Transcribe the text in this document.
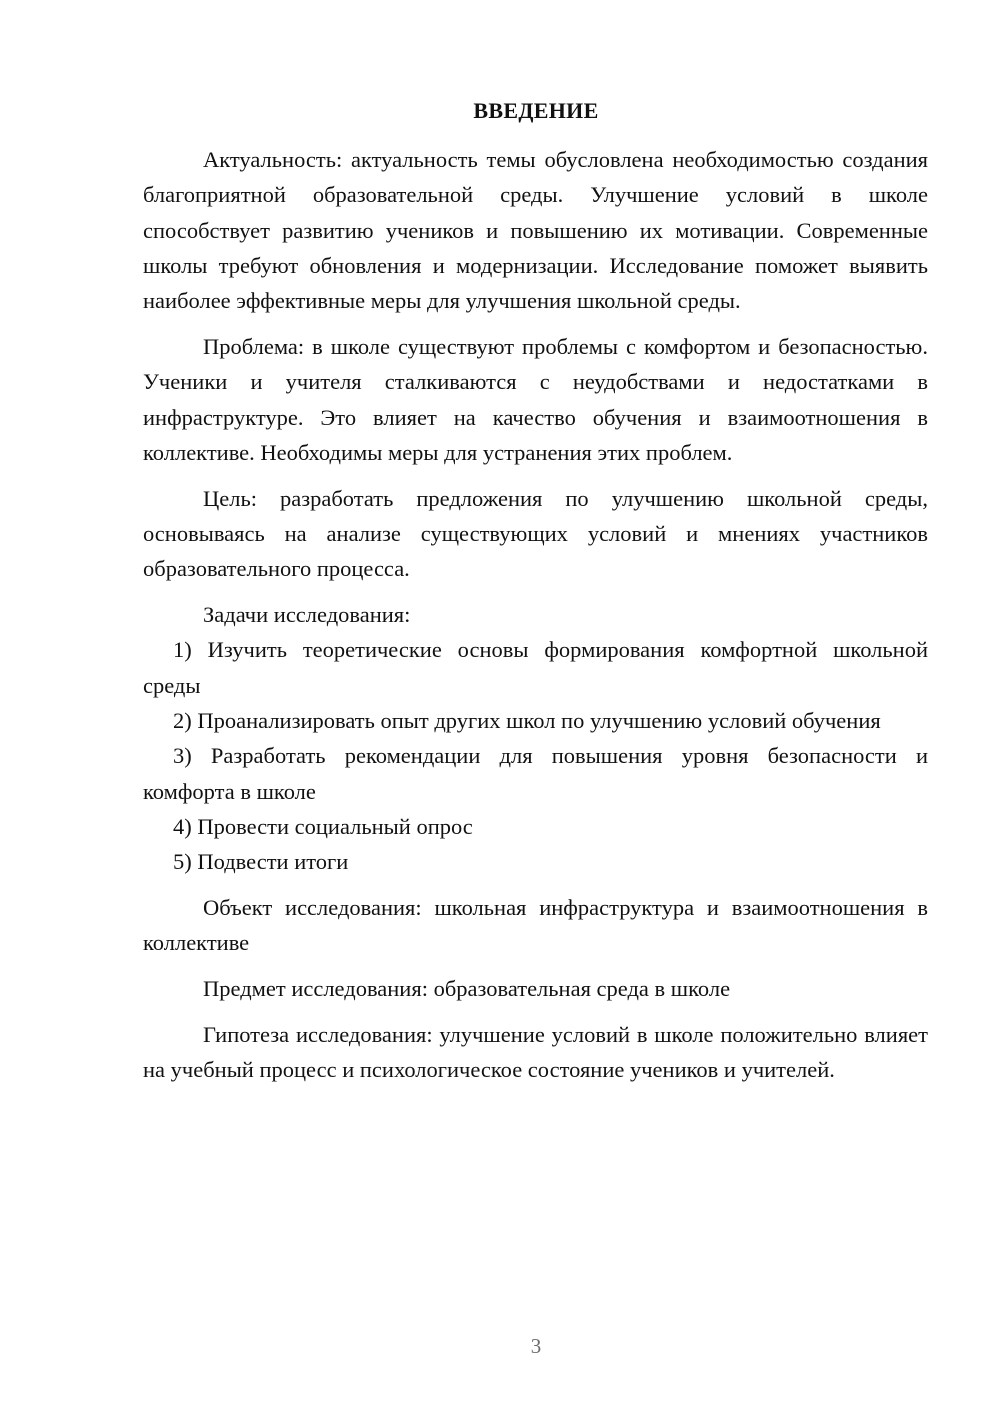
ВВЕДЕНИЕ

Актуальность: актуальность темы обусловлена необходимостью создания благоприятной образовательной среды. Улучшение условий в школе способствует развитию учеников и повышению их мотивации. Современные школы требуют обновления и модернизации. Исследование поможет выявить наиболее эффективные меры для улучшения школьной среды.

Проблема: в школе существуют проблемы с комфортом и безопасностью. Ученики и учителя сталкиваются с неудобствами и недостатками в инфраструктуре. Это влияет на качество обучения и взаимоотношения в коллективе. Необходимы меры для устранения этих проблем.

Цель: разработать предложения по улучшению школьной среды, основываясь на анализе существующих условий и мнениях участников образовательного процесса.

Задачи исследования:

1) Изучить теоретические основы формирования комфортной школьной среды

2) Проанализировать опыт других школ по улучшению условий обучения

3) Разработать рекомендации для повышения уровня безопасности и комфорта в школе

4) Провести социальный опрос

5) Подвести итоги

Объект исследования: школьная инфраструктура и взаимоотношения в коллективе

Предмет исследования: образовательная среда в школе

Гипотеза исследования: улучшение условий в школе положительно влияет на учебный процесс и психологическое состояние учеников и учителей.

3
